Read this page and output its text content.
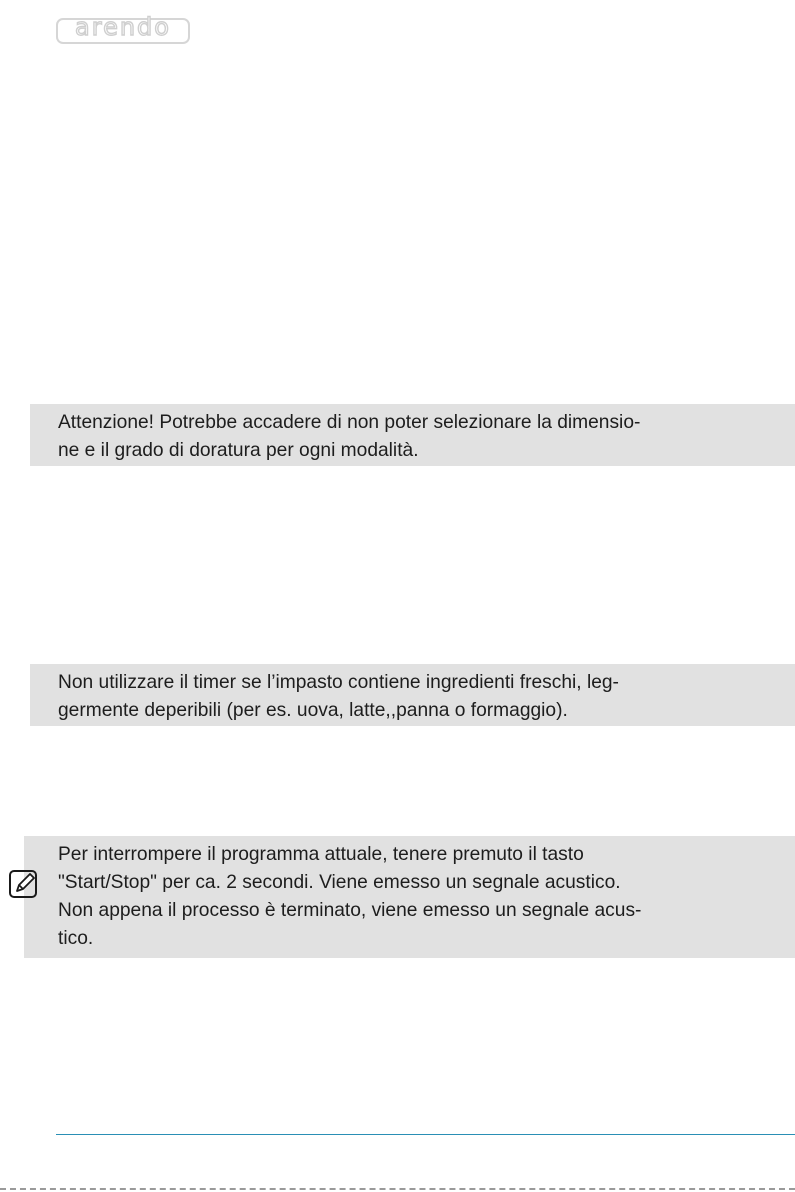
arendo

Attenzione! Potrebbe accadere di non poter selezionare la dimensio-

ne e il grado di doratura per ogni modalità.

Non utilizzare il timer se l’impasto contiene ingredienti freschi, leg-

germente deperibili (per es. uova, latte,,panna o formaggio).

Per interrompere il programma attuale, tenere premuto il tasto

"Start/Stop" per ca. 2 secondi. Viene emesso un segnale acustico.

Non appena il processo è terminato, viene emesso un segnale acus-

tico.
